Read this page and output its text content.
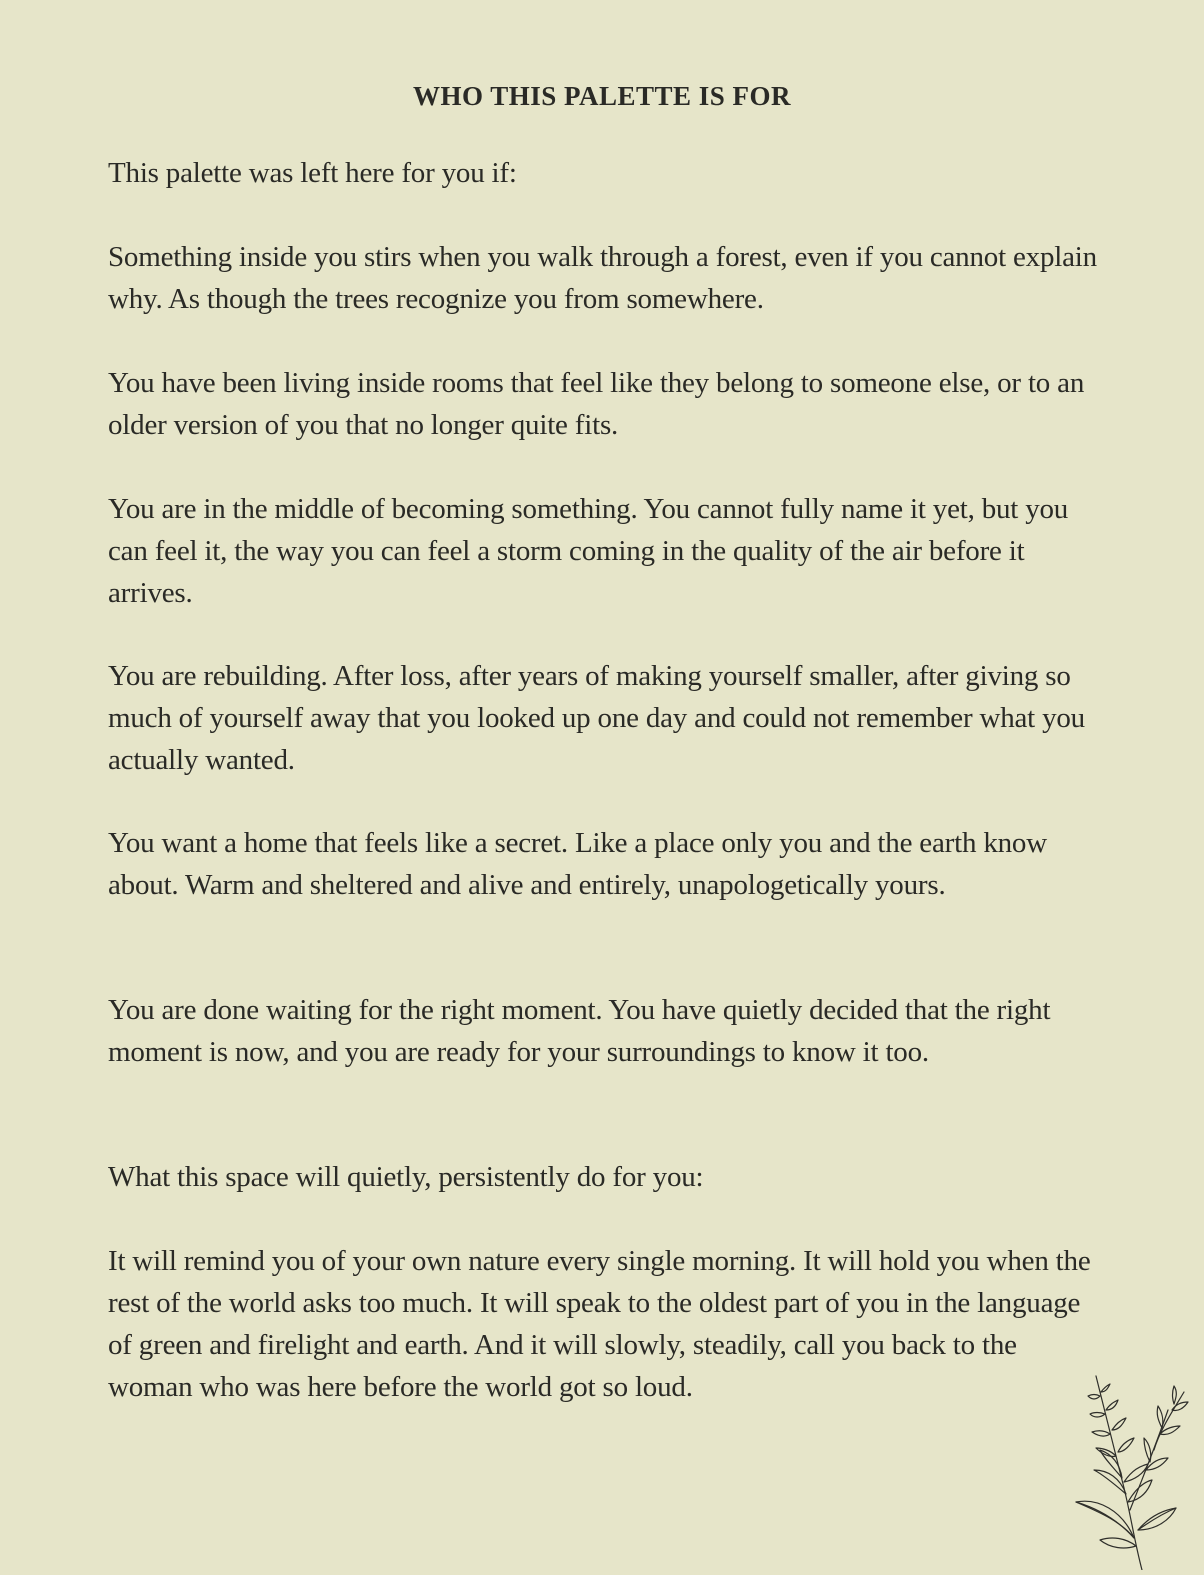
WHO THIS PALETTE IS FOR

This palette was left here for you if:

Something inside you stirs when you walk through a forest, even if you cannot explain why. As though the trees recognize you from somewhere.

You have been living inside rooms that feel like they belong to someone else, or to an older version of you that no longer quite fits.

You are in the middle of becoming something. You cannot fully name it yet, but you can feel it, the way you can feel a storm coming in the quality of the air before it arrives.

You are rebuilding. After loss, after years of making yourself smaller, after giving so much of yourself away that you looked up one day and could not remember what you actually wanted.

You want a home that feels like a secret. Like a place only you and the earth know about. Warm and sheltered and alive and entirely, unapologetically yours.

You are done waiting for the right moment. You have quietly decided that the right moment is now, and you are ready for your surroundings to know it too.

What this space will quietly, persistently do for you:

It will remind you of your own nature every single morning. It will hold you when the rest of the world asks too much. It will speak to the oldest part of you in the language of green and firelight and earth. And it will slowly, steadily, call you back to the woman who was here before the world got so loud.
